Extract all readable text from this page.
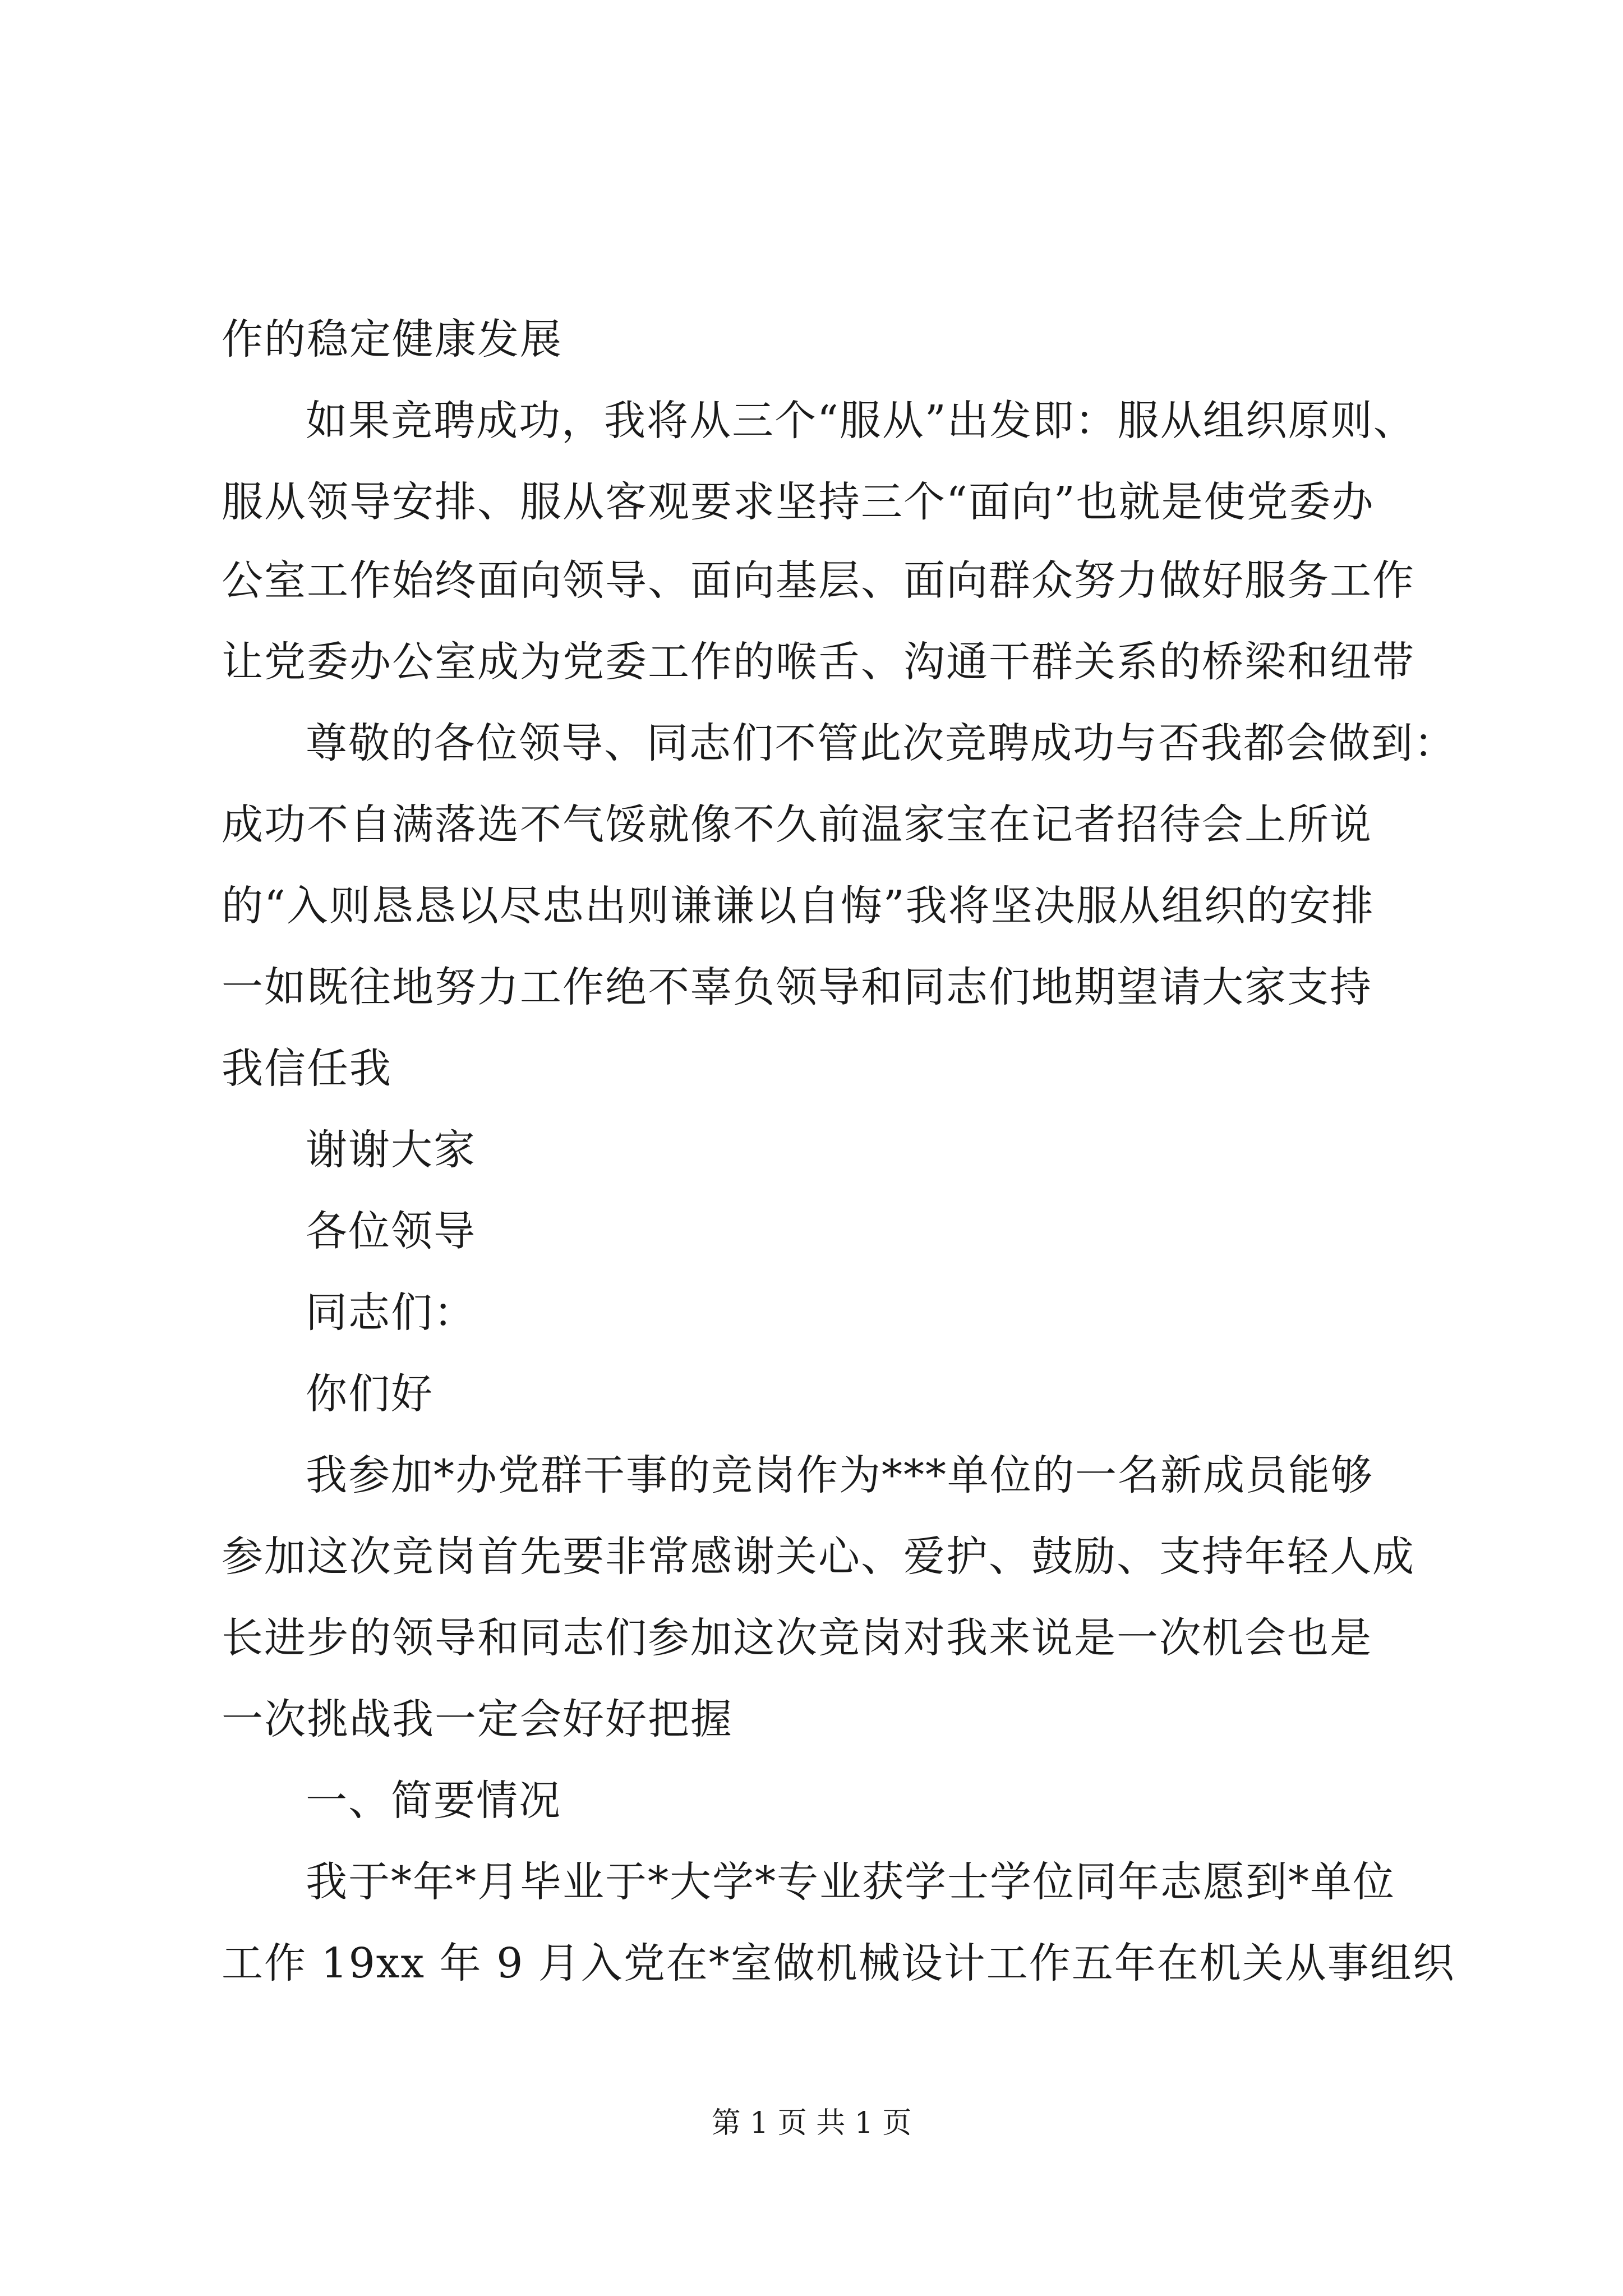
作的稳定健康发展
如果竞聘成功，我将从三个“服从”出发即：服从组织原则、
服从领导安排、服从客观要求坚持三个“面向”也就是使党委办
公室工作始终面向领导、面向基层、面向群众努力做好服务工作
让党委办公室成为党委工作的喉舌、沟通干群关系的桥梁和纽带
尊敬的各位领导、同志们不管此次竞聘成功与否我都会做到：
成功不自满落选不气馁就像不久前温家宝在记者招待会上所说
的“入则恳恳以尽忠出则谦谦以自悔”我将坚决服从组织的安排
一如既往地努力工作绝不辜负领导和同志们地期望请大家支持
我信任我
谢谢大家
各位领导
同志们：
你们好
我参加*办党群干事的竞岗作为***单位的一名新成员能够
参加这次竞岗首先要非常感谢关心、爱护、鼓励、支持年轻人成
长进步的领导和同志们参加这次竞岗对我来说是一次机会也是
一次挑战我一定会好好把握
一、简要情况
我于*年*月毕业于*大学*专业获学士学位同年志愿到*单位
工作 19xx 年 9 月入党在*室做机械设计工作五年在机关从事组织
第 1 页 共 1 页
